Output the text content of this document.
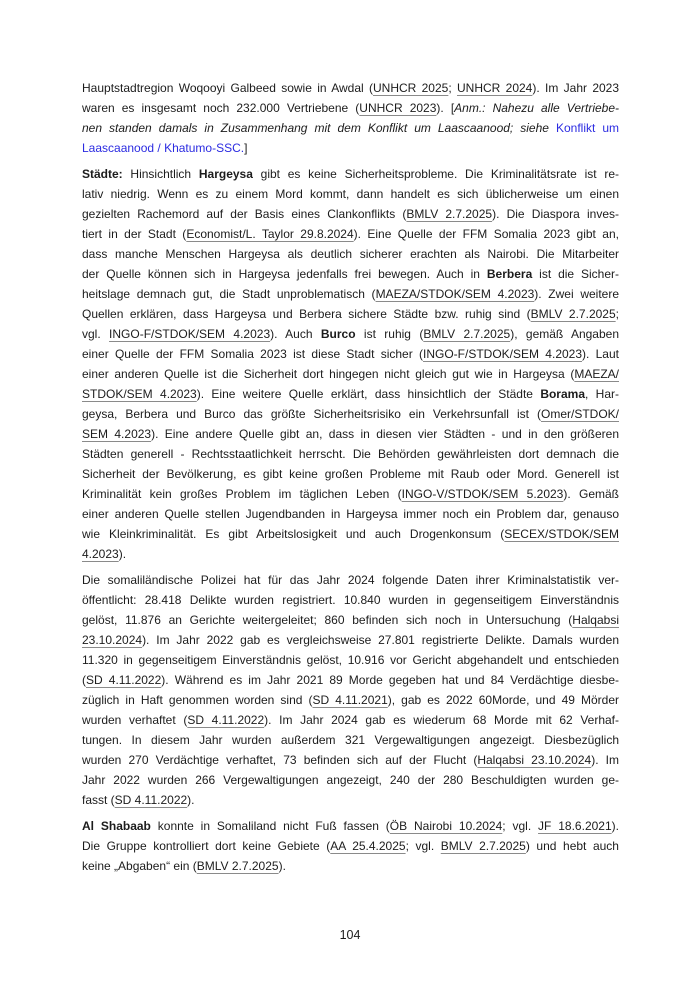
Hauptstadtregion Woqooyi Galbeed sowie in Awdal (UNHCR 2025; UNHCR 2024). Im Jahr 2023
waren es insgesamt noch 232.000 Vertriebene (UNHCR 2023). [Anm.: Nahezu alle Vertriebe-
nen standen damals in Zusammenhang mit dem Konflikt um Laascaanood; siehe Konflikt um
Laascaanood / Khatumo-SSC.]
Städte: Hinsichtlich Hargeysa gibt es keine Sicherheitsprobleme. Die Kriminalitätsrate ist re-
lativ niedrig. Wenn es zu einem Mord kommt, dann handelt es sich üblicherweise um einen
gezielten Rachemord auf der Basis eines Clankonflikts (BMLV 2.7.2025). Die Diaspora inves-
tiert in der Stadt (Economist/L. Taylor 29.8.2024). Eine Quelle der FFM Somalia 2023 gibt an,
dass manche Menschen Hargeysa als deutlich sicherer erachten als Nairobi. Die Mitarbeiter
der Quelle können sich in Hargeysa jedenfalls frei bewegen. Auch in Berbera ist die Sicher-
heitslage demnach gut, die Stadt unproblematisch (MAEZA/STDOK/SEM 4.2023). Zwei weitere
Quellen erklären, dass Hargeysa und Berbera sichere Städte bzw. ruhig sind (BMLV 2.7.2025;
vgl. INGO-F/STDOK/SEM 4.2023). Auch Burco ist ruhig (BMLV 2.7.2025), gemäß Angaben
einer Quelle der FFM Somalia 2023 ist diese Stadt sicher (INGO-F/STDOK/SEM 4.2023). Laut
einer anderen Quelle ist die Sicherheit dort hingegen nicht gleich gut wie in Hargeysa (MAEZA/
STDOK/SEM 4.2023). Eine weitere Quelle erklärt, dass hinsichtlich der Städte Borama, Har-
geysa, Berbera und Burco das größte Sicherheitsrisiko ein Verkehrsunfall ist (Omer/STDOK/
SEM 4.2023). Eine andere Quelle gibt an, dass in diesen vier Städten - und in den größeren
Städten generell - Rechtsstaatlichkeit herrscht. Die Behörden gewährleisten dort demnach die
Sicherheit der Bevölkerung, es gibt keine großen Probleme mit Raub oder Mord. Generell ist
Kriminalität kein großes Problem im täglichen Leben (INGO-V/STDOK/SEM 5.2023). Gemäß
einer anderen Quelle stellen Jugendbanden in Hargeysa immer noch ein Problem dar, genauso
wie Kleinkriminalität. Es gibt Arbeitslosigkeit und auch Drogenkonsum (SECEX/STDOK/SEM
4.2023).
Die somaliländische Polizei hat für das Jahr 2024 folgende Daten ihrer Kriminalstatistik ver-
öffentlicht: 28.418 Delikte wurden registriert. 10.840 wurden in gegenseitigem Einverständnis
gelöst, 11.876 an Gerichte weitergeleitet; 860 befinden sich noch in Untersuchung (Halqabsi
23.10.2024). Im Jahr 2022 gab es vergleichsweise 27.801 registrierte Delikte. Damals wurden
11.320 in gegenseitigem Einverständnis gelöst, 10.916 vor Gericht abgehandelt und entschieden
(SD 4.11.2022). Während es im Jahr 2021 89 Morde gegeben hat und 84 Verdächtige diesbe-
züglich in Haft genommen worden sind (SD 4.11.2021), gab es 2022 60Morde, und 49 Mörder
wurden verhaftet (SD 4.11.2022). Im Jahr 2024 gab es wiederum 68 Morde mit 62 Verhaf-
tungen. In diesem Jahr wurden außerdem 321 Vergewaltigungen angezeigt. Diesbezüglich
wurden 270 Verdächtige verhaftet, 73 befinden sich auf der Flucht (Halqabsi 23.10.2024). Im
Jahr 2022 wurden 266 Vergewaltigungen angezeigt, 240 der 280 Beschuldigten wurden ge-
fasst (SD 4.11.2022).
Al Shabaab konnte in Somaliland nicht Fuß fassen (ÖB Nairobi 10.2024; vgl. JF 18.6.2021).
Die Gruppe kontrolliert dort keine Gebiete (AA 25.4.2025; vgl. BMLV 2.7.2025) und hebt auch
keine „Abgaben“ ein (BMLV 2.7.2025).
104
